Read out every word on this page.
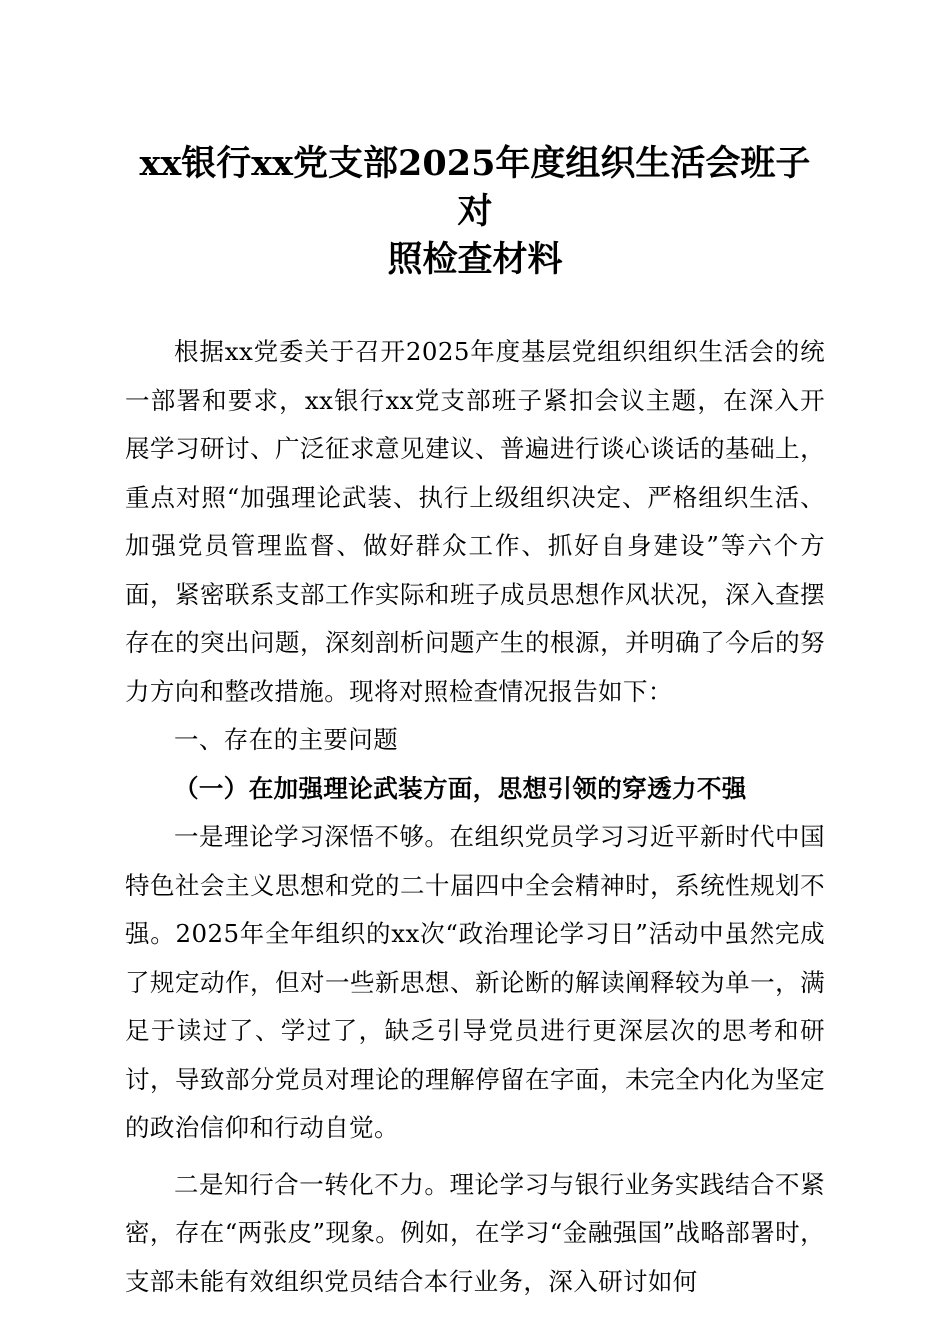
xx银行xx党支部2025年度组织生活会班子对
照检查材料

根据xx党委关于召开2025年度基层党组织组织生活会的统一部署和要求，xx银行xx党支部班子紧扣会议主题，在深入开展学习研讨、广泛征求意见建议、普遍进行谈心谈话的基础上，重点对照“加强理论武装、执行上级组织决定、严格组织生活、加强党员管理监督、做好群众工作、抓好自身建设”等六个方面，紧密联系支部工作实际和班子成员思想作风状况，深入查摆存在的突出问题，深刻剖析问题产生的根源，并明确了今后的努力方向和整改措施。现将对照检查情况报告如下：

一、存在的主要问题

（一）在加强理论武装方面，思想引领的穿透力不强

一是理论学习深悟不够。在组织党员学习习近平新时代中国特色社会主义思想和党的二十届四中全会精神时，系统性规划不强。2025年全年组织的xx次“政治理论学习日”活动中虽然完成了规定动作，但对一些新思想、新论断的解读阐释较为单一，满足于读过了、学过了，缺乏引导党员进行更深层次的思考和研讨，导致部分党员对理论的理解停留在字面，未完全内化为坚定的政治信仰和行动自觉。

二是知行合一转化不力。理论学习与银行业务实践结合不紧密，存在“两张皮”现象。例如，在学习“金融强国”战略部署时，支部未能有效组织党员结合本行业务，深入研讨如何
